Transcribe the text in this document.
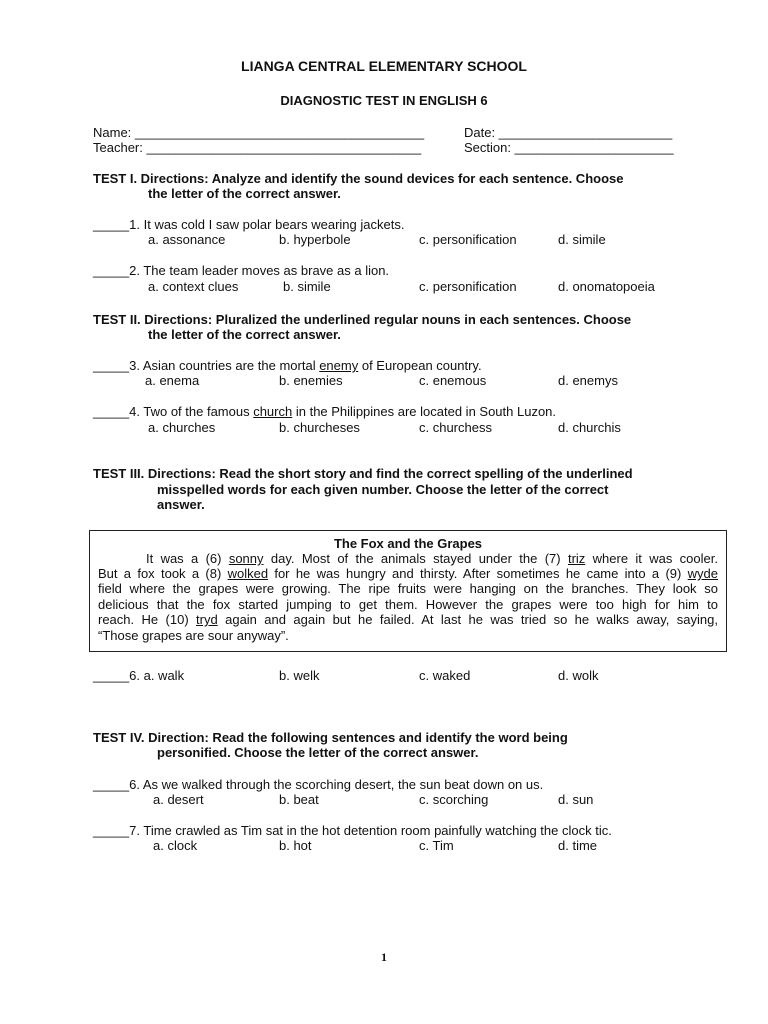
LIANGA CENTRAL ELEMENTARY SCHOOL
DIAGNOSTIC TEST IN ENGLISH 6
Name: ________________________________________	Date: ________________________
Teacher: ______________________________________	Section: ______________________
TEST I. Directions: Analyze and identify the sound devices for each sentence. Choose
the letter of the correct answer.
_____1. It was cold I saw polar bears wearing jackets.
a. assonance	b. hyperbole	c. personification	d. simile
_____2. The team leader moves as brave as a lion.
a. context clues	b. simile	c. personification	d. onomatopoeia
TEST II. Directions: Pluralized the underlined regular nouns in each sentences. Choose
the letter of the correct answer.
_____3. Asian countries are the mortal enemy of European country.
a. enema	b. enemies	c. enemous	d. enemys
_____4. Two of the famous church in the Philippines are located in South Luzon.
a. churches	b. churcheses	c. churchess	d. churchis
TEST III. Directions: Read the short story and find the correct spelling of the underlined
misspelled words for each given number. Choose the letter of the correct
answer.
The Fox and the Grapes
It was a (6) sonny day. Most of the animals stayed under the (7) triz where it was cooler.
But a fox took a (8) wolked for he was hungry and thirsty. After sometimes he came into a (9) wyde
field where the grapes were growing. The ripe fruits were hanging on the branches. They look so
delicious that the fox started jumping to get them. However the grapes were too high for him to
reach. He (10) tryd again and again but he failed. At last he was tried so he walks away, saying,
“Those grapes are sour anyway”.
_____6. a. walk	b. welk	c. waked	d. wolk
TEST IV. Direction: Read the following sentences and identify the word being
personified. Choose the letter of the correct answer.
_____6. As we walked through the scorching desert, the sun beat down on us.
a. desert	b. beat	c. scorching	d. sun
_____7. Time crawled as Tim sat in the hot detention room painfully watching the clock tic.
a. clock	b. hot	c. Tim	d. time
1
